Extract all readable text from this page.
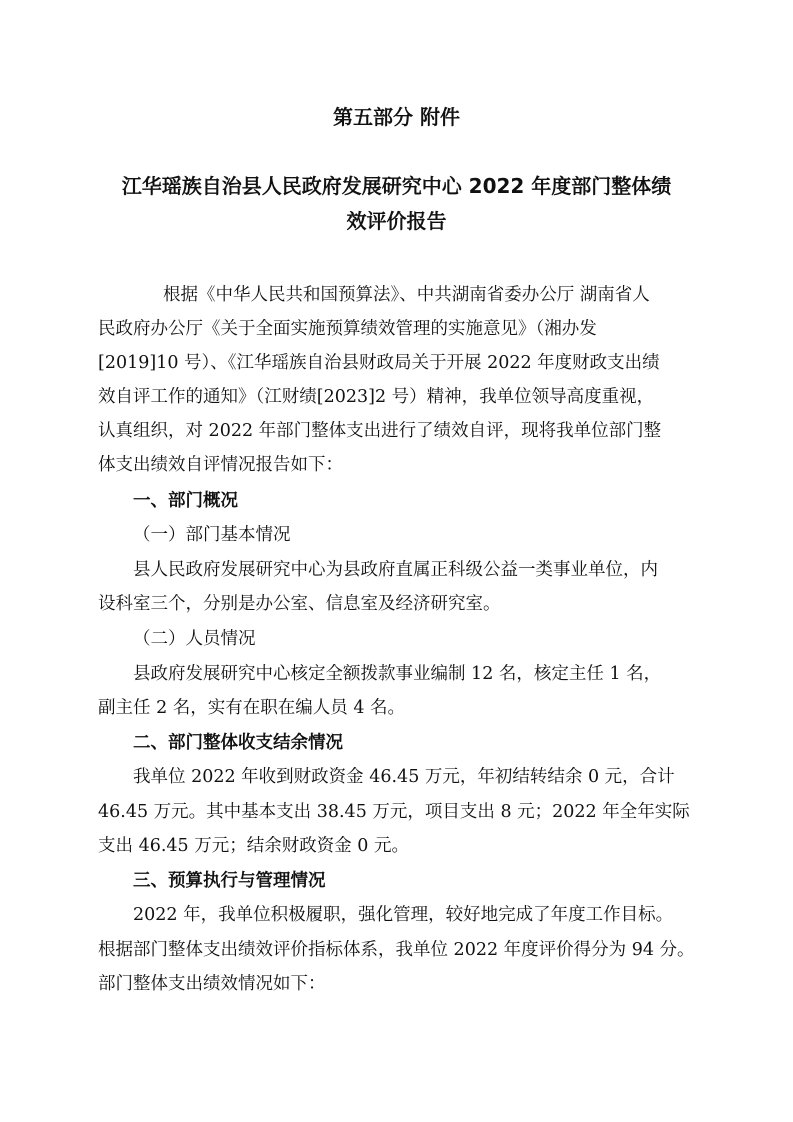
第五部分 附件
江华瑶族自治县人民政府发展研究中心 2022 年度部门整体绩
效评价报告
根据《中华人民共和国预算法》、中共湖南省委办公厅 湖南省人
民政府办公厅《关于全面实施预算绩效管理的实施意见》（湘办发
[2019]10 号）、《江华瑶族自治县财政局关于开展 2022 年度财政支出绩
效自评工作的通知》（江财绩[2023]2 号）精神，我单位领导高度重视，
认真组织，对 2022 年部门整体支出进行了绩效自评，现将我单位部门整
体支出绩效自评情况报告如下：
一、部门概况
（一）部门基本情况
县人民政府发展研究中心为县政府直属正科级公益一类事业单位，内
设科室三个，分别是办公室、信息室及经济研究室。
（二）人员情况
县政府发展研究中心核定全额拨款事业编制 12 名，核定主任 1 名，
副主任 2 名，实有在职在编人员 4 名。
二、部门整体收支结余情况
我单位 2022 年收到财政资金 46.45 万元，年初结转结余 0 元，合计
46.45 万元。其中基本支出 38.45 万元，项目支出 8 元；2022 年全年实际
支出 46.45 万元；结余财政资金 0 元。
三、预算执行与管理情况
2022 年，我单位积极履职，强化管理，较好地完成了年度工作目标。
根据部门整体支出绩效评价指标体系，我单位 2022 年度评价得分为 94 分。
部门整体支出绩效情况如下：
